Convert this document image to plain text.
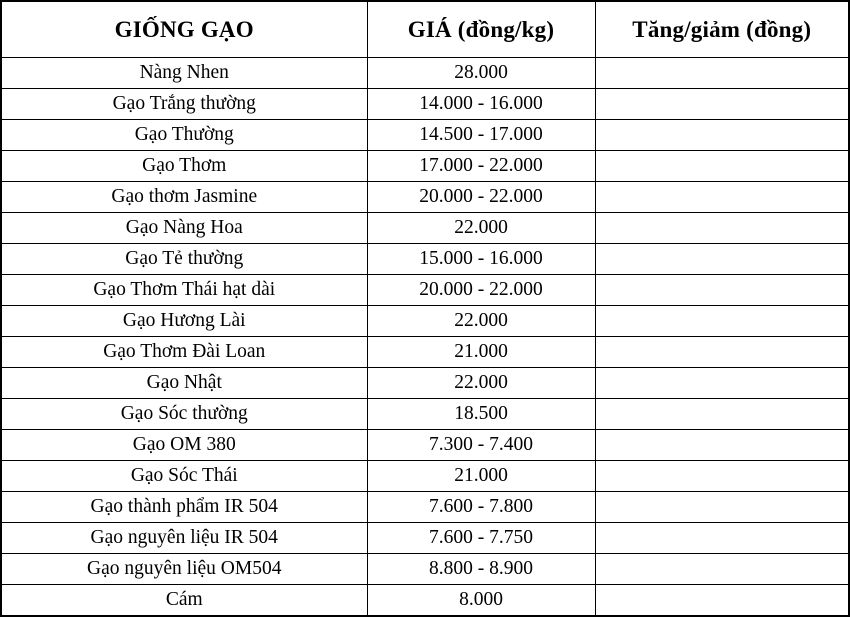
GIỐNG GẠO	GIÁ (đồng/kg)	Tăng/giảm (đồng)
Nàng Nhen	28.000	
Gạo Trắng thường	14.000 - 16.000	
Gạo Thường	14.500 - 17.000	
Gạo Thơm	17.000 - 22.000	
Gạo thơm Jasmine	20.000 - 22.000	
Gạo Nàng Hoa	22.000	
Gạo Tẻ thường	15.000 - 16.000	
Gạo Thơm Thái hạt dài	20.000 - 22.000	
Gạo Hương Lài	22.000	
Gạo Thơm Đài Loan	21.000	
Gạo Nhật	22.000	
Gạo Sóc thường	18.500	
Gạo OM 380	7.300 - 7.400	
Gạo Sóc Thái	21.000	
Gạo thành phẩm IR 504	7.600 - 7.800	
Gạo nguyên liệu IR 504	7.600 - 7.750	
Gạo nguyên liệu OM504	8.800 - 8.900	
Cám	8.000	
